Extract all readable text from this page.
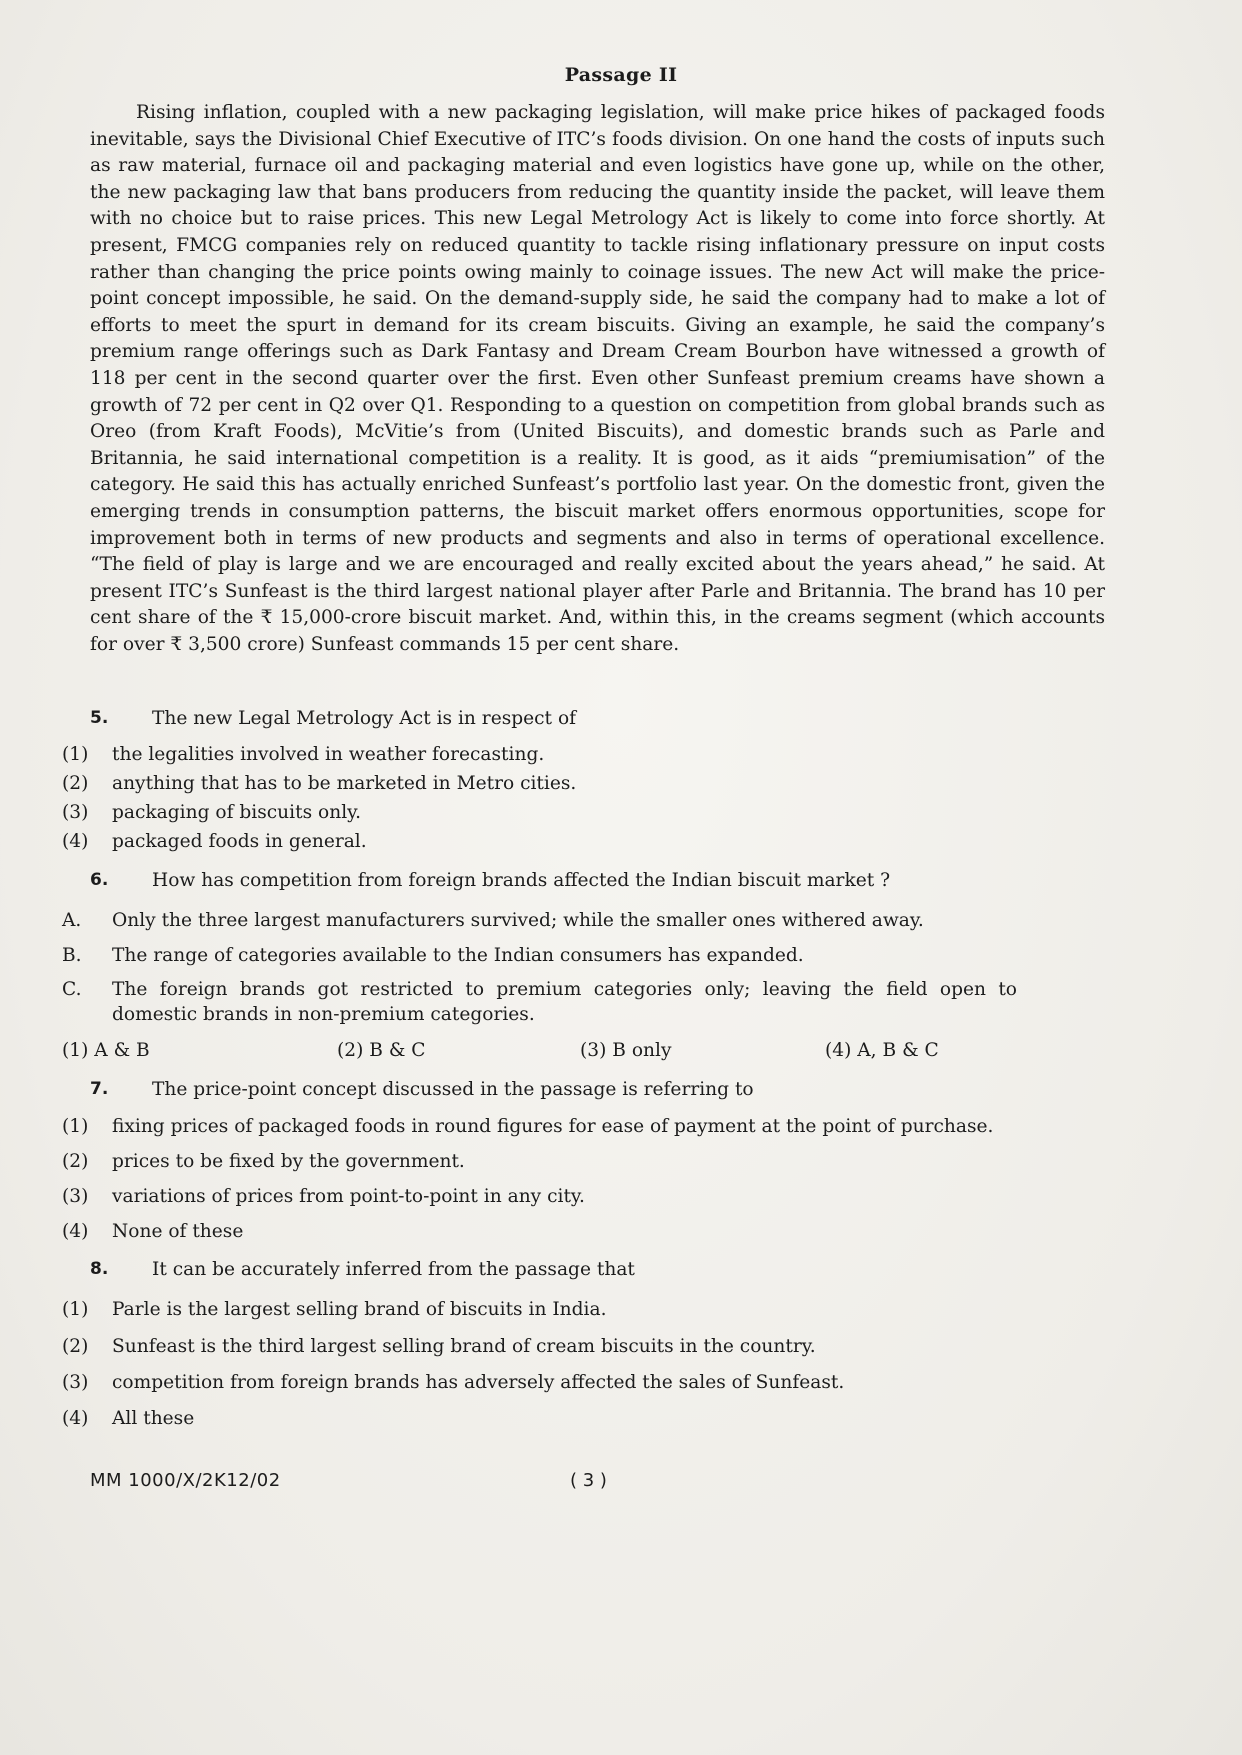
Passage II

Rising inflation, coupled with a new packaging legislation, will make price hikes of packaged foods inevitable, says the Divisional Chief Executive of ITC’s foods division. On one hand the costs of inputs such as raw material, furnace oil and packaging material and even logistics have gone up, while on the other, the new packaging law that bans producers from reducing the quantity inside the packet, will leave them with no choice but to raise prices. This new Legal Metrology Act is likely to come into force shortly. At present, FMCG companies rely on reduced quantity to tackle rising inflationary pressure on input costs rather than changing the price points owing mainly to coinage issues. The new Act will make the price-point concept impossible, he said. On the demand-supply side, he said the company had to make a lot of efforts to meet the spurt in demand for its cream biscuits. Giving an example, he said the company’s premium range offerings such as Dark Fantasy and Dream Cream Bourbon have witnessed a growth of 118 per cent in the second quarter over the first. Even other Sunfeast premium creams have shown a growth of 72 per cent in Q2 over Q1. Responding to a question on competition from global brands such as Oreo (from Kraft Foods), McVitie’s from (United Biscuits), and domestic brands such as Parle and Britannia, he said international competition is a reality. It is good, as it aids “premiumisation” of the category. He said this has actually enriched Sunfeast’s portfolio last year. On the domestic front, given the emerging trends in consumption patterns, the biscuit market offers enormous opportunities, scope for improvement both in terms of new products and segments and also in terms of operational excellence. “The field of play is large and we are encouraged and really excited about the years ahead,” he said. At present ITC’s Sunfeast is the third largest national player after Parle and Britannia. The brand has 10 per cent share of the ₹ 15,000-crore biscuit market. And, within this, in the creams segment (which accounts for over ₹ 3,500 crore) Sunfeast commands 15 per cent share.

5. The new Legal Metrology Act is in respect of
(1) the legalities involved in weather forecasting.
(2) anything that has to be marketed in Metro cities.
(3) packaging of biscuits only.
(4) packaged foods in general.
6. How has competition from foreign brands affected the Indian biscuit market ?
A. Only the three largest manufacturers survived; while the smaller ones withered away.
B. The range of categories available to the Indian consumers has expanded.
C. The foreign brands got restricted to premium categories only; leaving the field open to domestic brands in non-premium categories.
(1) A & B	(2) B & C	(3) B only	(4) A, B & C
7. The price-point concept discussed in the passage is referring to
(1) fixing prices of packaged foods in round figures for ease of payment at the point of purchase.
(2) prices to be fixed by the government.
(3) variations of prices from point-to-point in any city.
(4) None of these
8. It can be accurately inferred from the passage that
(1) Parle is the largest selling brand of biscuits in India.
(2) Sunfeast is the third largest selling brand of cream biscuits in the country.
(3) competition from foreign brands has adversely affected the sales of Sunfeast.
(4) All these
MM 1000/X/2K12/02	( 3 )
